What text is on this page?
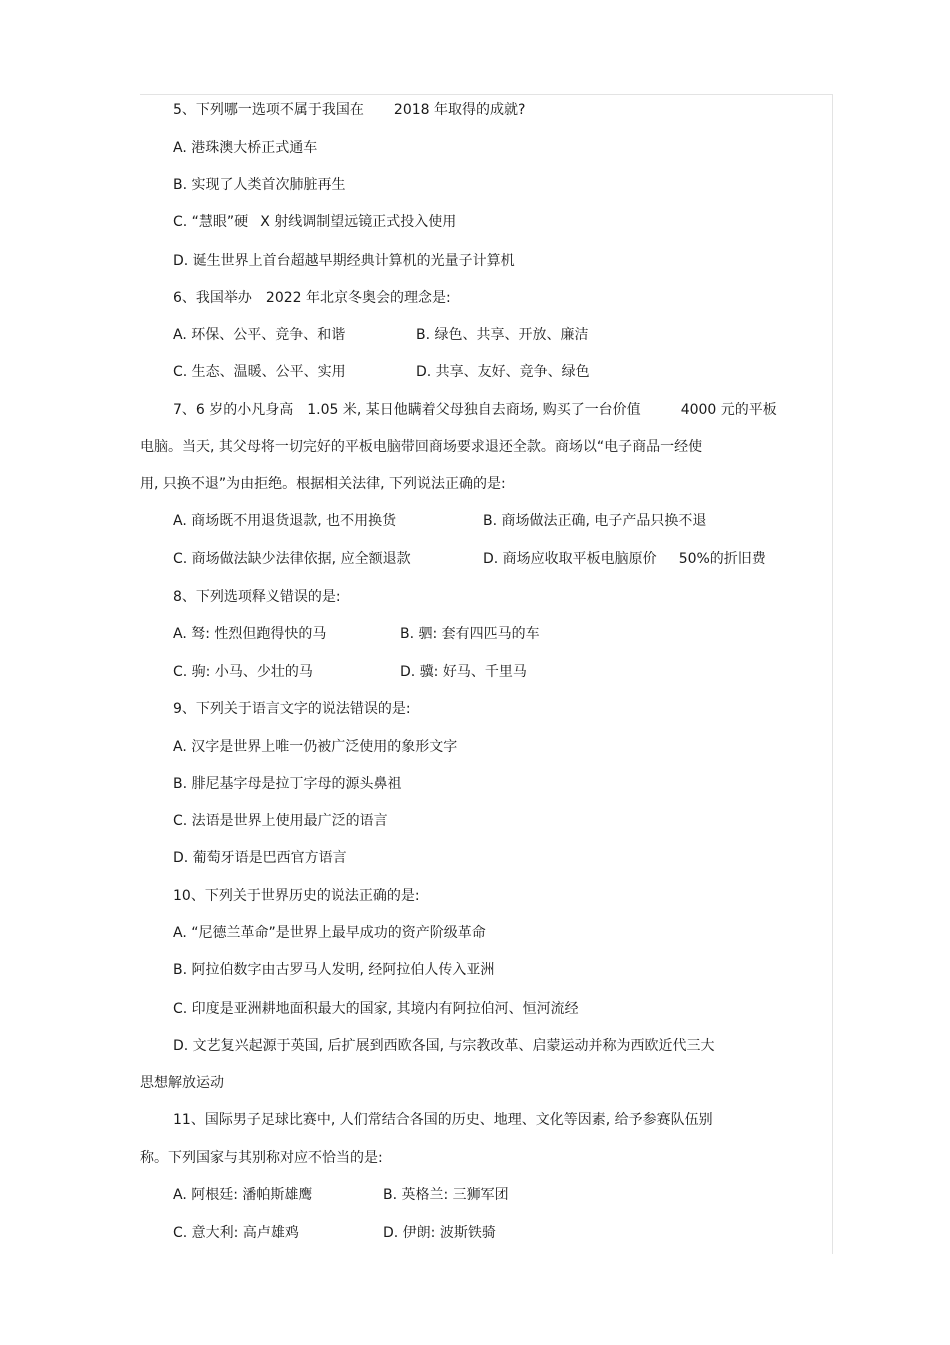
5、下列哪一选项不属于我国在 2018 年取得的成就?
A. 港珠澳大桥正式通车
B. 实现了人类首次肺脏再生
C. “慧眼”硬 X 射线调制望远镜正式投入使用
D. 诞生世界上首台超越早期经典计算机的光量子计算机
6、我国举办 2022 年北京冬奥会的理念是:
A. 环保、公平、竞争、和谐	B. 绿色、共享、开放、廉洁
C. 生态、温暖、公平、实用	D. 共享、友好、竞争、绿色
7、6 岁的小凡身高 1.05 米, 某日他瞒着父母独自去商场, 购买了一台价值	4000 元的平板
电脑。当天, 其父母将一切完好的平板电脑带回商场要求退还全款。商场以“电子商品一经使
用, 只换不退”为由拒绝。根据相关法律, 下列说法正确的是:
A. 商场既不用退货退款, 也不用换货	B. 商场做法正确, 电子产品只换不退
C. 商场做法缺少法律依据, 应全额退款	D. 商场应收取平板电脑原价 50%的折旧费
8、下列选项释义错误的是:
A. 驽: 性烈但跑得快的马	B. 驷: 套有四匹马的车
C. 驹: 小马、少壮的马	D. 骥: 好马、千里马
9、下列关于语言文字的说法错误的是:
A. 汉字是世界上唯一仍被广泛使用的象形文字
B. 腓尼基字母是拉丁字母的源头鼻祖
C. 法语是世界上使用最广泛的语言
D. 葡萄牙语是巴西官方语言
10、下列关于世界历史的说法正确的是:
A. “尼德兰革命”是世界上最早成功的资产阶级革命
B. 阿拉伯数字由古罗马人发明, 经阿拉伯人传入亚洲
C. 印度是亚洲耕地面积最大的国家, 其境内有阿拉伯河、恒河流经
D. 文艺复兴起源于英国, 后扩展到西欧各国, 与宗教改革、启蒙运动并称为西欧近代三大
思想解放运动
11、国际男子足球比赛中, 人们常结合各国的历史、地理、文化等因素, 给予参赛队伍别
称。下列国家与其别称对应不恰当的是:
A. 阿根廷: 潘帕斯雄鹰	B. 英格兰: 三狮军团
C. 意大利: 高卢雄鸡	D. 伊朗: 波斯铁骑
